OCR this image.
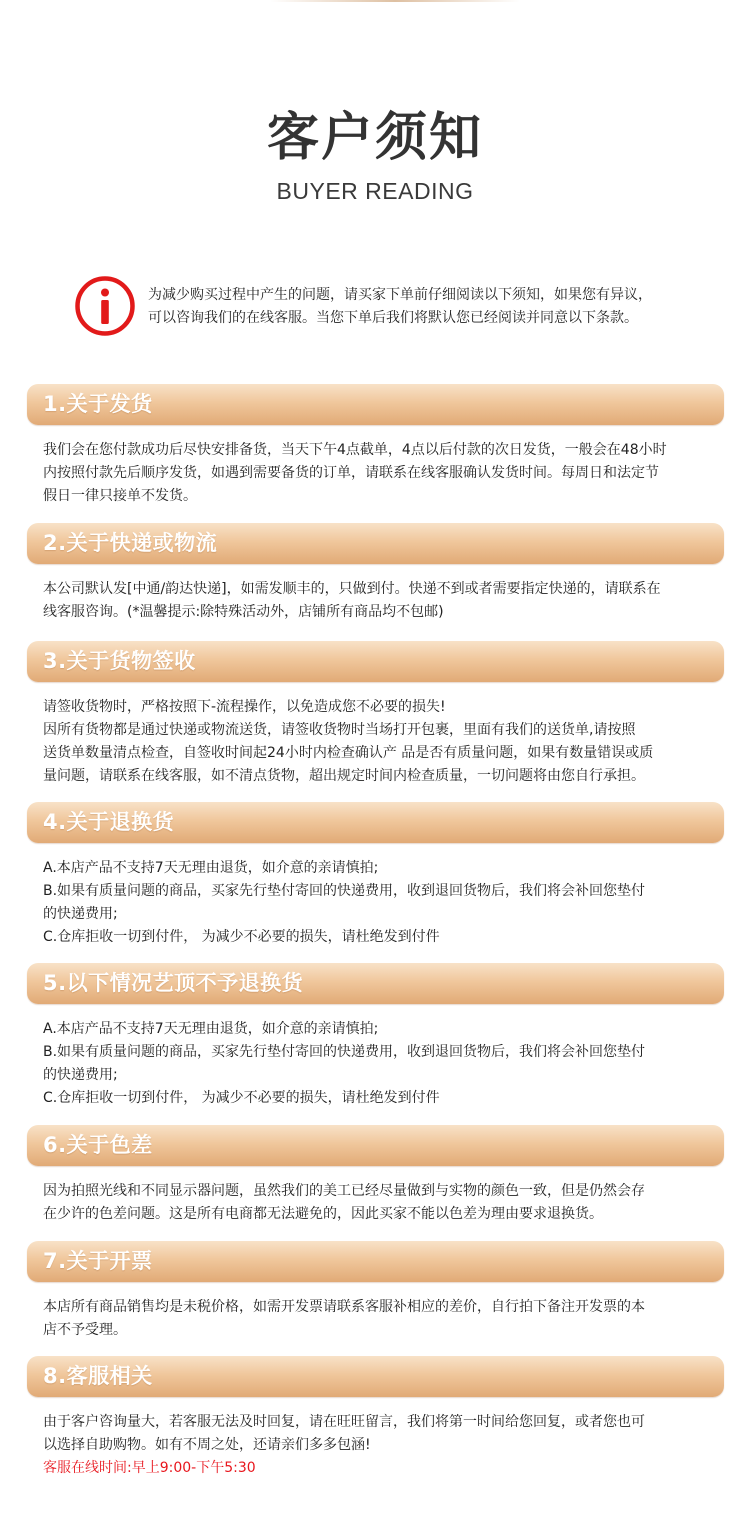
客户须知
BUYER READING
为减少购买过程中产生的问题，请买家下单前仔细阅读以下须知，如果您有异议，
可以咨询我们的在线客服。当您下单后我们将默认您已经阅读并同意以下条款。
1.关于发货

我们会在您付款成功后尽快安排备货，当天下午4点截单，4点以后付款的次日发货，一般会在48小时

内按照付款先后顺序发货，如遇到需要备货的订单，请联系在线客服确认发货时间。每周日和法定节

假日一律只接单不发货。

2.关于快递或物流

本公司默认发[中通/韵达快递]，如需发顺丰的，只做到付。快递不到或者需要指定快递的，请联系在

线客服咨询。(*温馨提示:除特殊活动外，店铺所有商品均不包邮)

3.关于货物签收

请签收货物时，严格按照下-流程操作，以免造成您不必要的损失!

因所有货物都是通过快递或物流送货，请签收货物时当场打开包裹，里面有我们的送货单,请按照

送货单数量清点检查，自签收时间起24小时内检查确认产 品是否有质量问题，如果有数量错误或质

量问题，请联系在线客服，如不清点货物，超出规定时间内检查质量，一切问题将由您自行承担。

4.关于退换货

A.本店产品不支持7天无理由退货，如介意的亲请慎拍;

B.如果有质量问题的商品，买家先行垫付寄回的快递费用，收到退回货物后，我们将会补回您垫付

的快递费用;

C.仓库拒收一切到付件， 为减少不必要的损失，请杜绝发到付件

5.以下情况艺顶不予退换货

A.本店产品不支持7天无理由退货，如介意的亲请慎拍;

B.如果有质量问题的商品，买家先行垫付寄回的快递费用，收到退回货物后，我们将会补回您垫付

的快递费用;

C.仓库拒收一切到付件， 为减少不必要的损失，请杜绝发到付件

6.关于色差

因为拍照光线和不同显示器问题，虽然我们的美工已经尽量做到与实物的颜色一致，但是仍然会存

在少许的色差问题。这是所有电商都无法避免的，因此买家不能以色差为理由要求退换货。

7.关于开票

本店所有商品销售均是未税价格，如需开发票请联系客服补相应的差价，自行拍下备注开发票的本

店不予受理。

8.客服相关

由于客户咨询量大，若客服无法及时回复，请在旺旺留言，我们将第一时间给您回复，或者您也可

以选择自助购物。如有不周之处，还请亲们多多包涵!

客服在线时间:早上9:00-下午5:30
